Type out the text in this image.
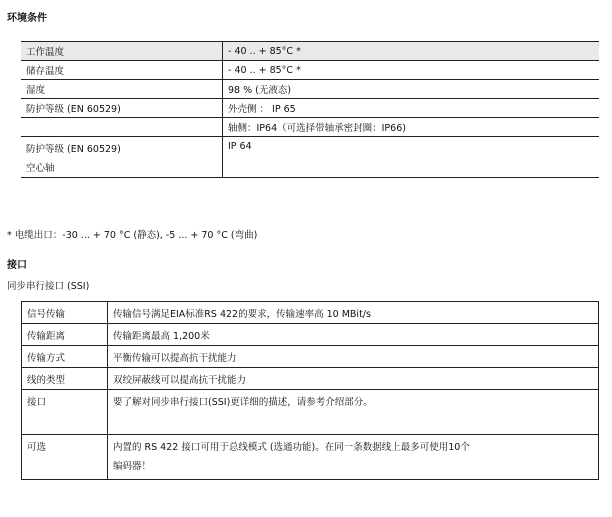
环境条件
工作温度	- 40 .. + 85°C *
储存温度	- 40 .. + 85°C *
湿度	98 % (无液态)
防护等级 (EN 60529)	外壳侧 ： IP 65
	轴侧：IP64（可选择带轴承密封圈：IP66)
防护等级 (EN 60529)
空心轴	IP 64
* 电缆出口：-30 ... + 70 °C (静态), -5 ... + 70 °C (弯曲)
接口
同步串行接口 (SSI)
信号传输	传输信号满足EIA标准RS 422的要求，传输速率高 10 MBit/s
传输距离	传输距离最高 1,200米
传输方式	平衡传输可以提高抗干扰能力
线的类型	双绞屏蔽线可以提高抗干扰能力
接口	要了解对同步串行接口(SSI)更详细的描述，请参考介绍部分。
可选	内置的 RS 422 接口可用于总线模式 (选通功能)。在同一条数据线上最多可使用10个
编码器！
